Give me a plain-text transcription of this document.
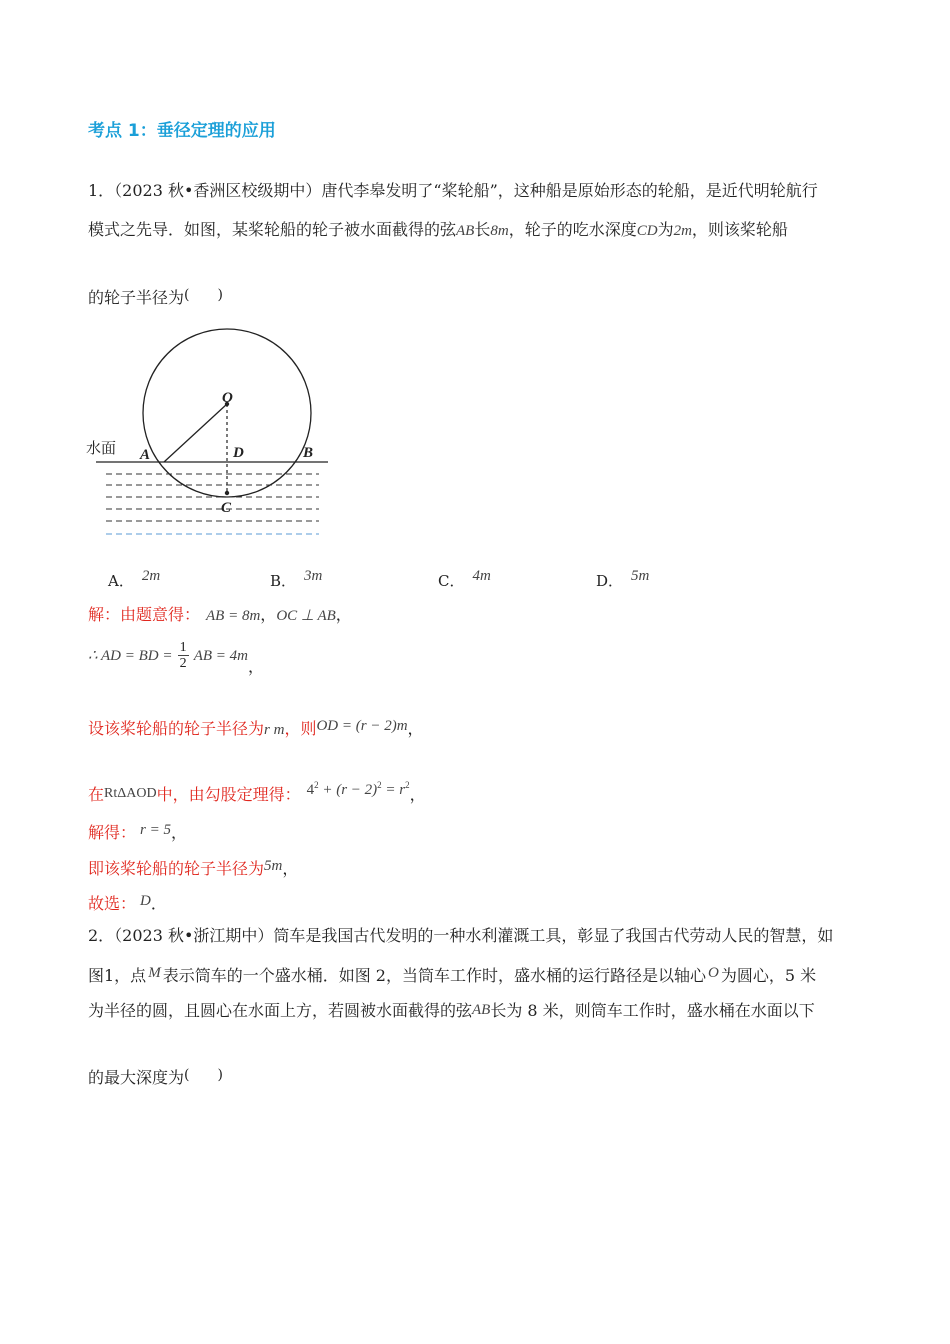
考点 1：垂径定理的应用
1．（2023 秋•香洲区校级期中）唐代李皋发明了“桨轮船”，这种船是原始形态的轮船，是近代明轮航行
模式之先导．如图，某桨轮船的轮子被水面截得的弦AB长8m，轮子的吃水深度CD为2m，则该桨轮船
的轮子半径为(　　)
水面
O
A	D	B
C
A． 2m	B． 3m	C． 4m	D． 5m
解：由题意得： AB = 8m，OC ⊥ AB，
∴ AD = BD = $\frac{1}{2}$ AB = 4m，
设该桨轮船的轮子半径为r m，则OD = (r − 2)m，
在RtΔAOD中，由勾股定理得： $4^2 + (r - 2)^2 = r^2$，
解得： r = 5，
即该桨轮船的轮子半径为5m，
故选： D．
2．（2023 秋•浙江期中）筒车是我国古代发明的一种水利灌溉工具，彰显了我国古代劳动人民的智慧，如
图1，点 M 表示筒车的一个盛水桶．如图 2，当筒车工作时，盛水桶的运行路径是以轴心 O 为圆心，5 米
为半径的圆，且圆心在水面上方，若圆被水面截得的弦AB长为 8 米，则筒车工作时，盛水桶在水面以下
的最大深度为(　　)
